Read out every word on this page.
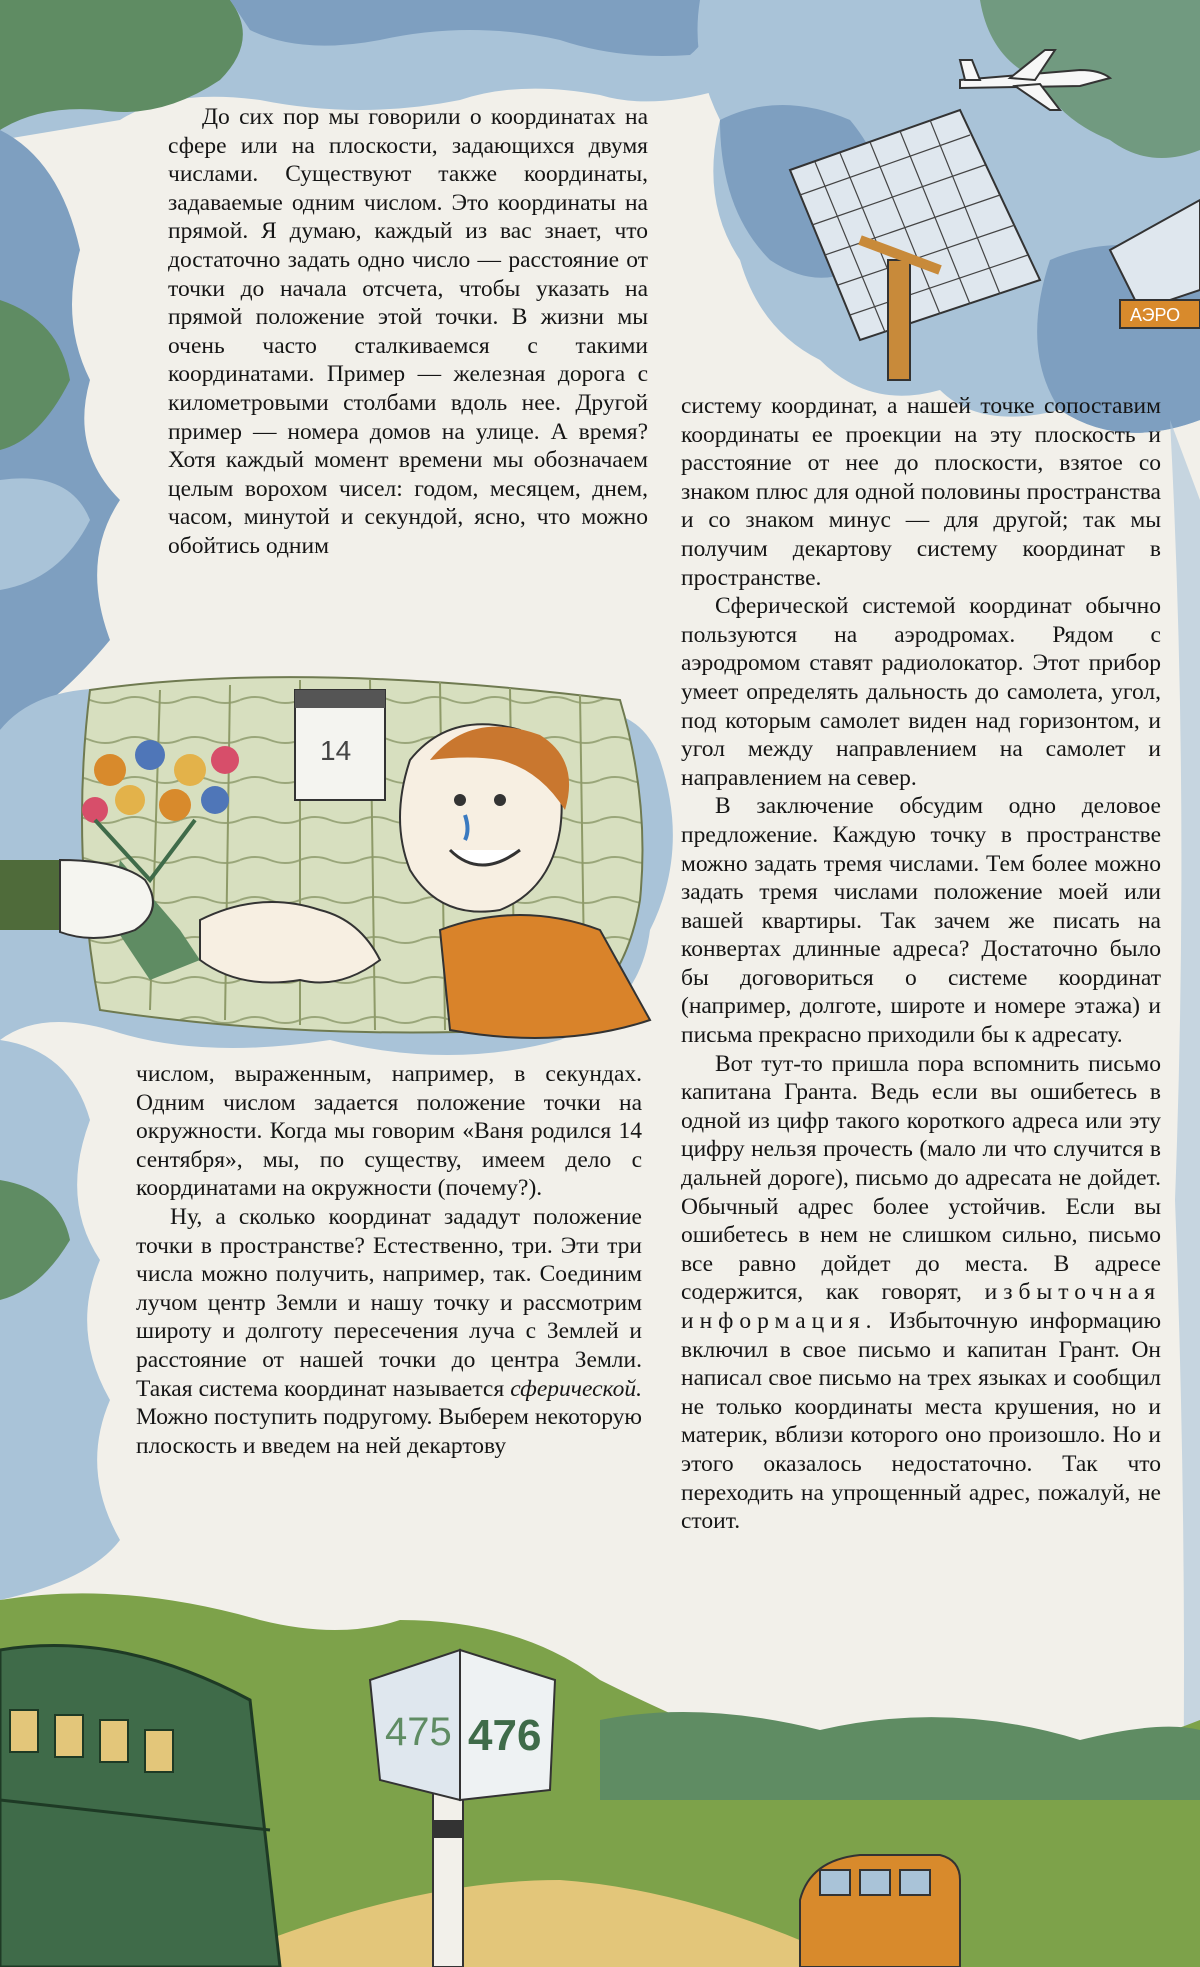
АЭРО
14
475 476

До сих пор мы говорили о координатах на сфере или на плоскости, задающихся двумя числами. Существуют также координаты, задаваемые одним числом. Это координаты на прямой. Я думаю, каждый из вас знает, что достаточно задать одно число — расстояние от точки до начала отсчета, чтобы указать на прямой положение этой точки. В жизни мы очень часто сталкиваемся с такими координатами. Пример — железная дорога с километровыми столбами вдоль нее. Другой пример — номера домов на улице. А время? Хотя каждый момент времени мы обозначаем целым ворохом чисел: годом, месяцем, днем, часом, минутой и секундой, ясно, что можно обойтись одним

числом, выраженным, например, в секундах. Одним числом задается положение точки на окружности. Когда мы говорим «Ваня родился 14 сентября», мы, по существу, имеем дело с координатами на окружности (почему?).

Ну, а сколько координат зададут положение точки в пространстве? Естественно, три. Эти три числа можно получить, например, так. Соединим лучом центр Земли и нашу точку и рассмотрим широту и долготу пересечения луча с Землей и расстояние от нашей точки до центра Земли. Такая система координат называется сферической. Можно поступить подругому. Выберем некоторую плоскость и введем на ней декартову

систему координат, а нашей точке сопоставим координаты ее проекции на эту плоскость и расстояние от нее до плоскости, взятое со знаком плюс для одной половины пространства и со знаком минус — для другой; так мы получим декартову систему координат в пространстве.

Сферической системой координат обычно пользуются на аэродромах. Рядом с аэродромом ставят радиолокатор. Этот прибор умеет определять дальность до самолета, угол, под которым самолет виден над горизонтом, и угол между направлением на самолет и направлением на север.

В заключение обсудим одно деловое предложение. Каждую точку в пространстве можно задать тремя числами. Тем более можно задать тремя числами положение моей или вашей квартиры. Так зачем же писать на конвертах длинные адреса? Достаточно было бы договориться о системе координат (например, долготе, широте и номере этажа) и письма прекрасно приходили бы к адресату.

Вот тут-то пришла пора вспомнить письмо капитана Гранта. Ведь если вы ошибетесь в одной из цифр такого короткого адреса или эту цифру нельзя прочесть (мало ли что случится в дальней дороге), письмо до адресата не дойдет. Обычный адрес более устойчив. Если вы ошибетесь в нем не слишком сильно, письмо все равно дойдет до места. В адресе содержится, как говорят, избыточная информация. Избыточную информацию включил в свое письмо и капитан Грант. Он написал свое письмо на трех языках и сообщил не только координаты места крушения, но и материк, вблизи которого оно произошло. Но и этого оказалось недостаточно. Так что переходить на упрощенный адрес, пожалуй, не стоит.
